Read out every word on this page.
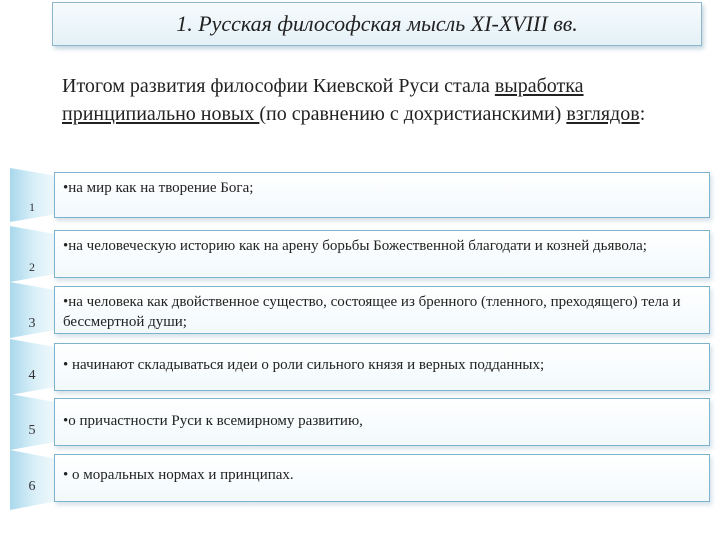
1. Русская философская мысль XI-XVIII вв.
Итогом развития философии Киевской Руси стала выработка принципиально новых (по сравнению с дохристианскими) взглядов:
1
•на мир как на творение Бога;
2
•на человеческую историю как на арену борьбы Божественной благодати и козней дьявола;
3
•на человека как двойственное существо, состоящее из бренного (тленного, преходящего) тела и бессмертной души;
4
• начинают складываться идеи о роли сильного князя и верных подданных;
5
•о причастности Руси к всемирному развитию,
6
• о моральных нормах и принципах.
